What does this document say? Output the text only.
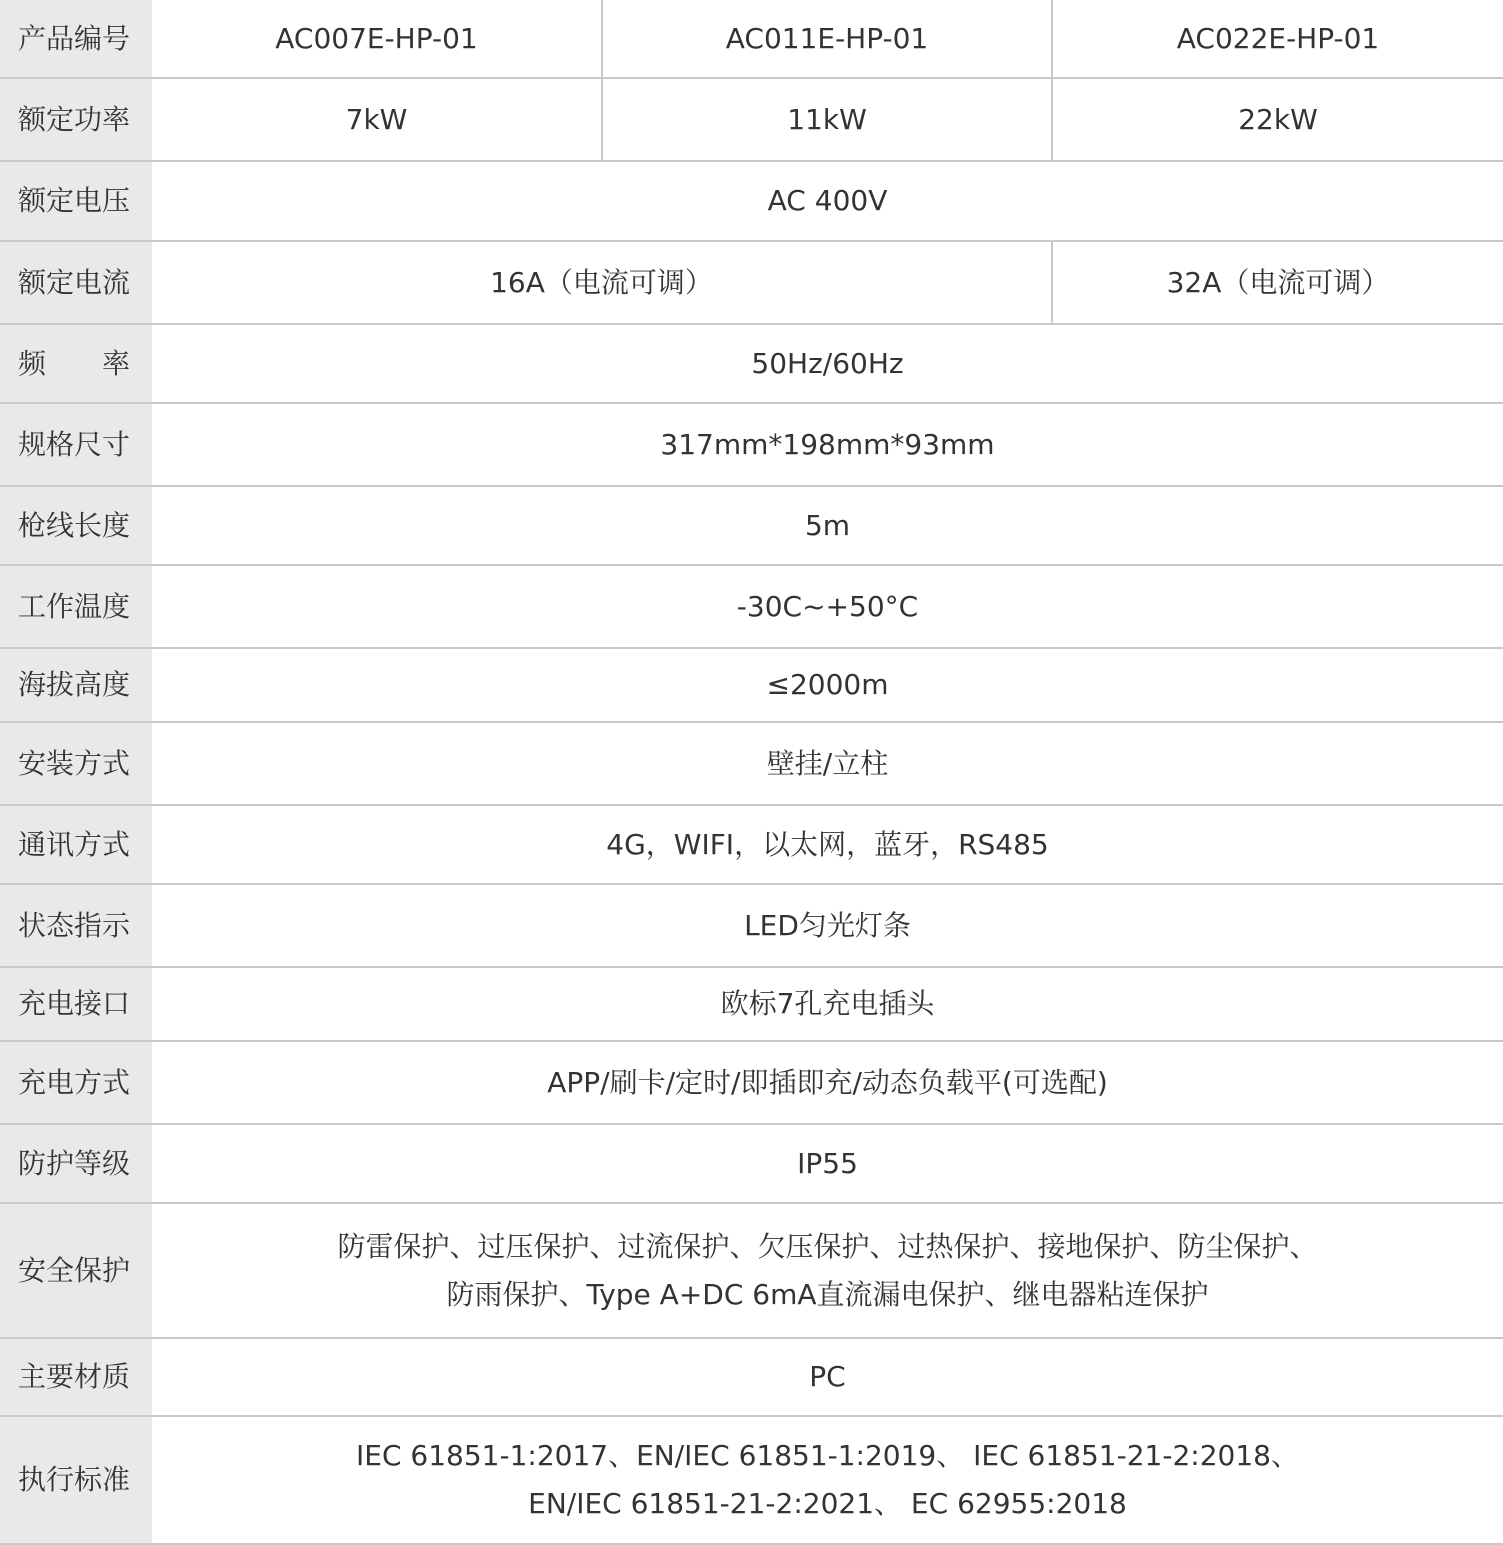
产品编号	AC007E-HP-01	AC011E-HP-01	AC022E-HP-01
额定功率	7kW	11kW	22kW
额定电压	AC 400V		
额定电流	16A（电流可调）		32A（电流可调）
频 率	50Hz/60Hz		
规格尺寸	317mm*198mm*93mm		
枪线长度	5m		
工作温度	-30C~+50°C		
海拔高度	≤2000m		
安装方式	壁挂/立柱		
通讯方式	4G，WIFI，以太网，蓝牙，RS485		
状态指示	LED匀光灯条		
充电接口	欧标7孔充电插头		
充电方式	APP/刷卡/定时/即插即充/动态负载平(可选配)		
防护等级	IP55		
安全保护	防雷保护、过压保护、过流保护、欠压保护、过热保护、接地保护、防尘保护、
防雨保护、Type A+DC 6mA直流漏电保护、继电器粘连保护		

主要材质	PC		
执行标准	IEC 61851-1:2017、EN/IEC 61851-1:2019、 IEC 61851-21-2:2018、
EN/IEC 61851-21-2:2021、 EC 62955:2018		
